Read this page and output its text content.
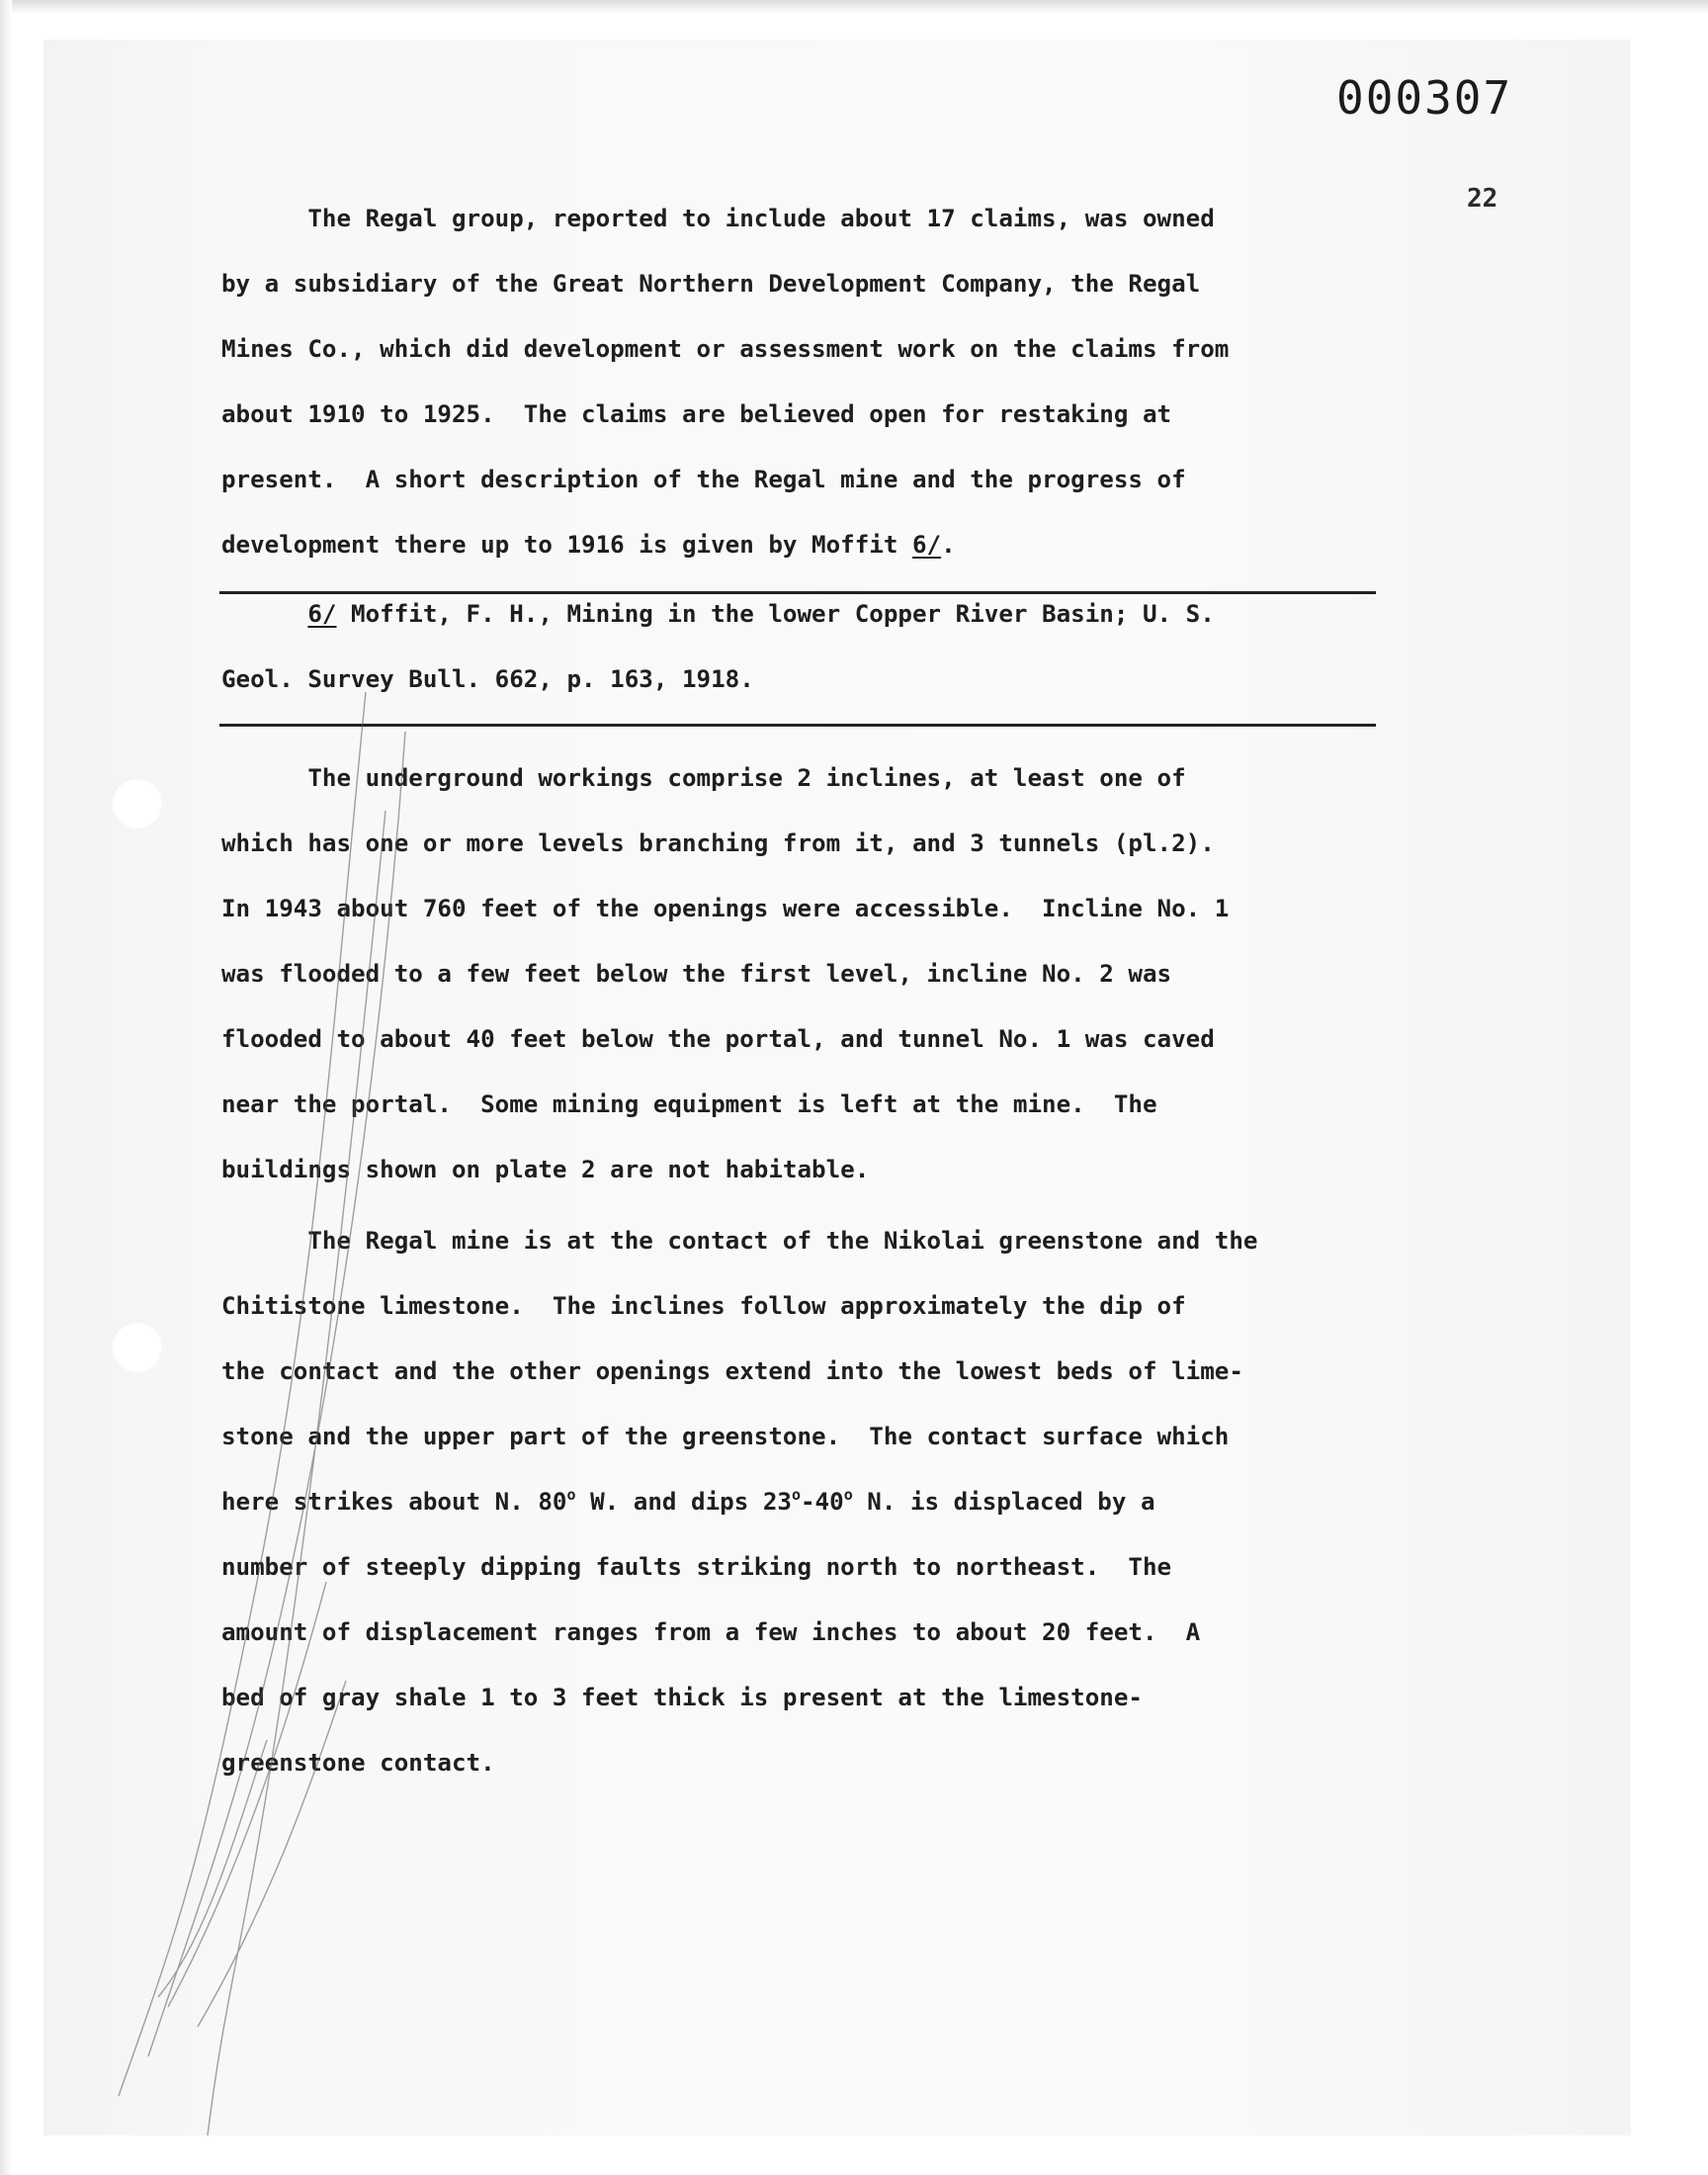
000307
22
The Regal group, reported to include about 17 claims, was owned
by a subsidiary of the Great Northern Development Company, the Regal
Mines Co., which did development or assessment work on the claims from
about 1910 to 1925.  The claims are believed open for restaking at
present.  A short description of the Regal mine and the progress of
development there up to 1916 is given by Moffit 6/.
6/ Moffit, F. H., Mining in the lower Copper River Basin; U. S.
Geol. Survey Bull. 662, p. 163, 1918.
The underground workings comprise 2 inclines, at least one of
which has one or more levels branching from it, and 3 tunnels (pl.2).
In 1943 about 760 feet of the openings were accessible.  Incline No. 1
was flooded to a few feet below the first level, incline No. 2 was
flooded to about 40 feet below the portal, and tunnel No. 1 was caved
near the portal.  Some mining equipment is left at the mine.  The
buildings shown on plate 2 are not habitable.
The Regal mine is at the contact of the Nikolai greenstone and the
Chitistone limestone.  The inclines follow approximately the dip of
the contact and the other openings extend into the lowest beds of lime-
stone and the upper part of the greenstone.  The contact surface which
here strikes about N. 80$^o$ W. and dips 23$^o$-40$^o$ N. is displaced by a
number of steeply dipping faults striking north to northeast.  The
amount of displacement ranges from a few inches to about 20 feet.  A
bed of gray shale 1 to 3 feet thick is present at the limestone-
greenstone contact.
